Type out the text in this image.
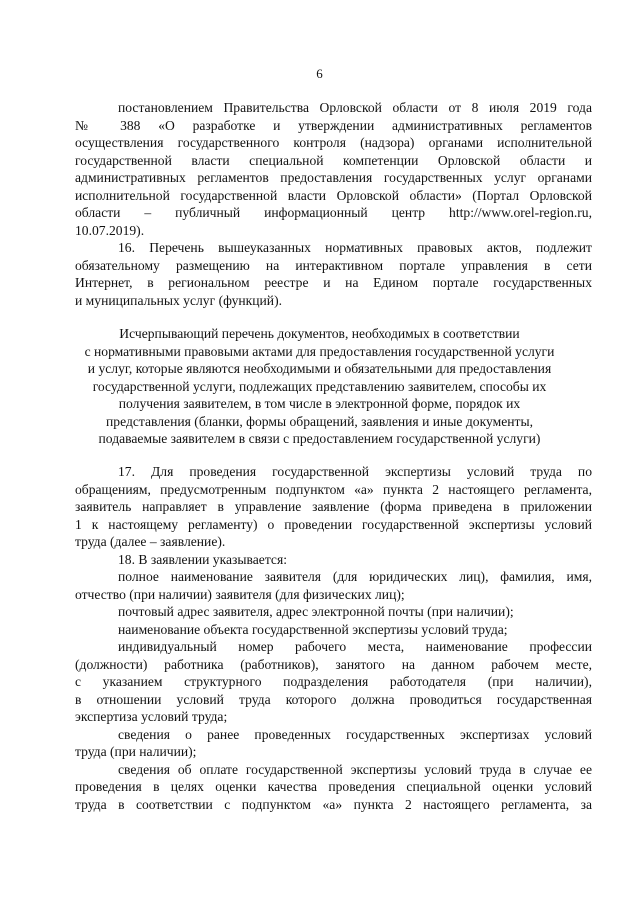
6
постановлением Правительства Орловской области от 8 июля 2019 года
№ 388 «О разработке и утверждении административных регламентов
осуществления государственного контроля (надзора) органами исполнительной
государственной власти специальной компетенции Орловской области и
административных регламентов предоставления государственных услуг органами
исполнительной государственной власти Орловской области» (Портал Орловской
области – публичный информационный центр http://www.orel-region.ru,
10.07.2019).
16. Перечень вышеуказанных нормативных правовых актов, подлежит
обязательному размещению на интерактивном портале управления в сети
Интернет, в региональном реестре и на Едином портале государственных
и муниципальных услуг (функций).
Исчерпывающий перечень документов, необходимых в соответствии
с нормативными правовыми актами для предоставления государственной услуги
и услуг, которые являются необходимыми и обязательными для предоставления
государственной услуги, подлежащих представлению заявителем, способы их
получения заявителем, в том числе в электронной форме, порядок их
представления (бланки, формы обращений, заявления и иные документы,
подаваемые заявителем в связи с предоставлением государственной услуги)
17. Для проведения государственной экспертизы условий труда по
обращениям, предусмотренным подпунктом «а» пункта 2 настоящего регламента,
заявитель направляет в управление заявление (форма приведена в приложении
1 к настоящему регламенту) о проведении государственной экспертизы условий
труда (далее – заявление).
18. В заявлении указывается:
полное наименование заявителя (для юридических лиц), фамилия, имя,
отчество (при наличии) заявителя (для физических лиц);
почтовый адрес заявителя, адрес электронной почты (при наличии);
наименование объекта государственной экспертизы условий труда;
индивидуальный номер рабочего места, наименование профессии
(должности) работника (работников), занятого на данном рабочем месте,
с указанием структурного подразделения работодателя (при наличии),
в отношении условий труда которого должна проводиться государственная
экспертиза условий труда;
сведения о ранее проведенных государственных экспертизах условий
труда (при наличии);
сведения об оплате государственной экспертизы условий труда в случае ее
проведения в целях оценки качества проведения специальной оценки условий
труда в соответствии с подпунктом «а» пункта 2 настоящего регламента, за
